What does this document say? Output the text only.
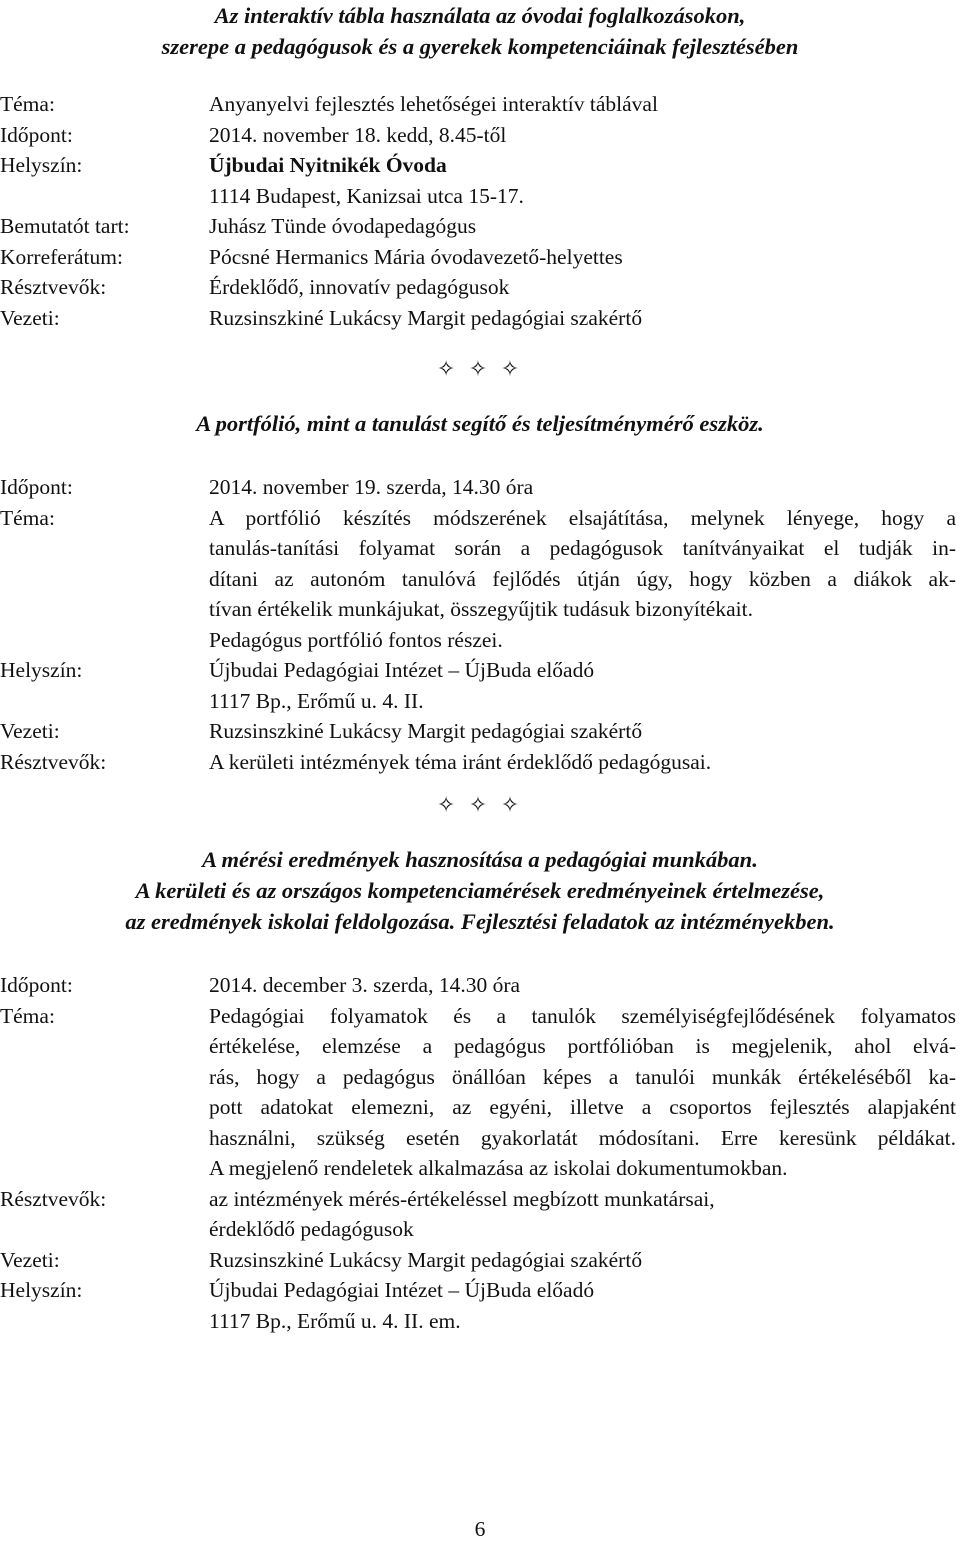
Az interaktív tábla használata az óvodai foglalkozásokon,

szerepe a pedagógusok és a gyerekek kompetenciáinak fejlesztésében

Téma:	Anyanyelvi fejlesztés lehetőségei interaktív táblával
Időpont:	2014. november 18. kedd, 8.45-től
Helyszín:	Újbudai Nyitnikék Óvoda
1114 Budapest, Kanizsai utca 15-17.
Bemutatót tart:	Juhász Tünde óvodapedagógus
Korreferátum:	Pócsné Hermanics Mária óvodavezető-helyettes
Résztvevők:	Érdeklődő, innovatív pedagógusok
Vezeti:	Ruzsinszkiné Lukácsy Margit pedagógiai szakértő
✧ ✧ ✧

A portfólió, mint a tanulást segítő és teljesítménymérő eszköz.

Időpont:	2014. november 19. szerda, 14.30 óra
Téma:	A portfólió készítés módszerének elsajátítása, melynek lényege, hogy a
tanulás-tanítási folyamat során a pedagógusok tanítványaikat el tudják in-
dítani az autonóm tanulóvá fejlődés útján úgy, hogy közben a diákok ak-
tívan értékelik munkájukat, összegyűjtik tudásuk bizonyítékait.
Pedagógus portfólió fontos részei.
Helyszín:	Újbudai Pedagógiai Intézet – ÚjBuda előadó
1117 Bp., Erőmű u. 4. II.
Vezeti:	Ruzsinszkiné Lukácsy Margit pedagógiai szakértő
Résztvevők:	A kerületi intézmények téma iránt érdeklődő pedagógusai.
✧ ✧ ✧

A mérési eredmények hasznosítása a pedagógiai munkában.

A kerületi és az országos kompetenciamérések eredményeinek értelmezése,

az eredmények iskolai feldolgozása. Fejlesztési feladatok az intézményekben.

Időpont:	2014. december 3. szerda, 14.30 óra
Téma:	Pedagógiai folyamatok és a tanulók személyiségfejlődésének folyamatos
értékelése, elemzése a pedagógus portfólióban is megjelenik, ahol elvá-
rás, hogy a pedagógus önállóan képes a tanulói munkák értékeléséből ka-
pott adatokat elemezni, az egyéni, illetve a csoportos fejlesztés alapjaként
használni, szükség esetén gyakorlatát módosítani. Erre keresünk példákat.
A megjelenő rendeletek alkalmazása az iskolai dokumentumokban.
Résztvevők:	az intézmények mérés-értékeléssel megbízott munkatársai,
érdeklődő pedagógusok
Vezeti:	Ruzsinszkiné Lukácsy Margit pedagógiai szakértő
Helyszín:	Újbudai Pedagógiai Intézet – ÚjBuda előadó
1117 Bp., Erőmű u. 4. II. em.
6
